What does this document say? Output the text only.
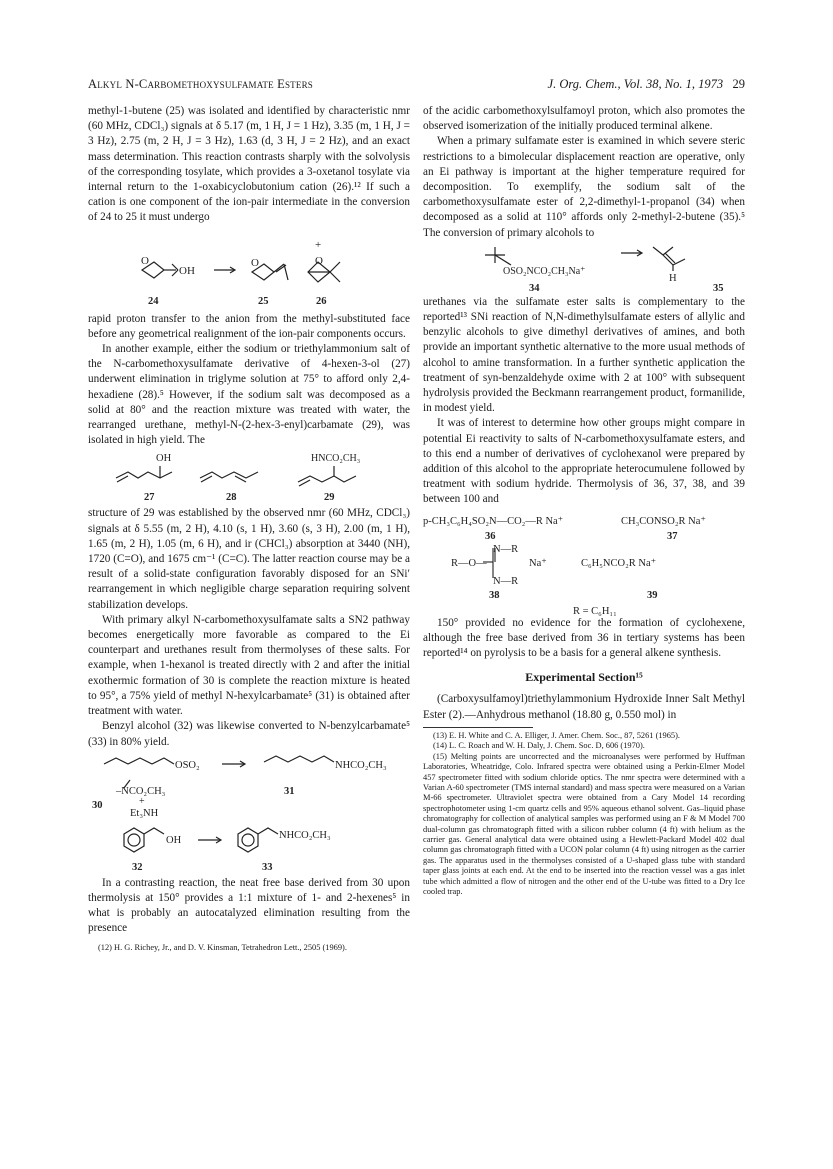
Alkyl N-Carbomethoxysulfamate Esters	J. Org. Chem., Vol. 38, No. 1, 1973 29

methyl-1-butene (25) was isolated and identified by characteristic nmr (60 MHz, CDCl₃) signals at δ 5.17 (m, 1 H, J = 1 Hz), 3.35 (m, 1 H, J = 3 Hz), 2.75 (m, 2 H, J = 3 Hz), 1.63 (d, 3 H, J = 2 Hz), and an exact mass determination. This reaction contrasts sharply with the solvolysis of the corresponding tosylate, which provides a 3-oxetanol tosylate via internal return to the 1-oxabicyclobutonium cation (26).¹² If such a cation is one component of the ion-pair intermediate in the conversion of 24 to 25 it must undergo

O
OH
O	O
+
24	25	26

rapid proton transfer to the anion from the methyl-substituted face before any geometrical realignment of the ion-pair components occurs.

In another example, either the sodium or triethylammonium salt of the N-carbomethoxysulfamate derivative of 4-hexen-3-ol (27) underwent elimination in triglyme solution at 75° to afford only 2,4-hexadiene (28).⁵ However, if the sodium salt was decomposed as a solid at 80° and the reaction mixture was treated with water, the rearranged urethane, methyl-N-(2-hex-3-enyl)carbamate (29), was isolated in high yield. The

OH	HNCO₂CH₃
27	28	29

structure of 29 was established by the observed nmr (60 MHz, CDCl₃) signals at δ 5.55 (m, 2 H), 4.10 (s, 1 H), 3.60 (s, 3 H), 2.00 (m, 1 H), 1.65 (m, 2 H), 1.05 (m, 6 H), and ir (CHCl₃) absorption at 3440 (NH), 1720 (C=O), and 1675 cm⁻¹ (C=C). The latter reaction course may be a result of a solid-state configuration favorably disposed for an SNi′ rearrangement in which negligible charge separation requiring solvent stabilization develops.

With primary alkyl N-carbomethoxysulfamate salts a SN2 pathway becomes energetically more favorable as compared to the Ei counterpart and urethanes result from thermolyses of these salts. For example, when 1-hexanol is treated directly with 2 and after the initial exothermic formation of 30 is complete the reaction mixture is heated to 95°, a 75% yield of methyl N-hexylcarbamate⁵ (31) is obtained after treatment with water.

Benzyl alcohol (32) was likewise converted to N-benzylcarbamate⁵ (33) in 80% yield.

OSO₂
–NCO₂CH₃
+
Et₃NH
NHCO₂CH₃
30
31
OH	NHCO₂CH₃
32	33

In a contrasting reaction, the neat free base derived from 30 upon thermolysis at 150° provides a 1:1 mixture of 1- and 2-hexenes⁵ in what is probably an autocatalyzed elimination resulting from the presence

(12) H. G. Richey, Jr., and D. V. Kinsman, Tetrahedron Lett., 2505 (1969).

of the acidic carbomethoxylsulfamoyl proton, which also promotes the observed isomerization of the initially produced terminal alkene.

When a primary sulfamate ester is examined in which severe steric restrictions to a bimolecular displacement reaction are operative, only an Ei pathway is important at the higher temperature required for decomposition. To exemplify, the sodium salt of the carbomethoxysulfamate ester of 2,2-dimethyl-1-propanol (34) when decomposed as a solid at 110° affords only 2-methyl-2-butene (35).⁵ The conversion of primary alcohols to

OSO₂NCO₂CH₃Na⁺
H
34	35

urethanes via the sulfamate ester salts is complementary to the reported¹³ SNi reaction of N,N-dimethylsulfamate esters of allylic and benzylic alcohols to give dimethyl derivatives of amines, and both provide an important synthetic alternative to the more usual methods of alcohol to amine transformation. In a further synthetic application the treatment of syn-benzaldehyde oxime with 2 at 100° with subsequent hydrolysis provided the Beckmann rearrangement product, formanilide, in modest yield.

It was of interest to determine how other groups might compare in potential Ei reactivity to salts of N-carbomethoxysulfamate esters, and to this end a number of derivatives of cyclohexanol were prepared by addition of this alcohol to the appropriate heterocumulene followed by treatment with sodium hydride. Thermolysis of 36, 37, 38, and 39 between 100 and

p-CH₃C₆H₄SO₂N—CO₂—R Na⁺	CH₃CONSO₂R Na⁺
36	37
N—R
R—O—	Na⁺	C₆H₅NCO₂R Na⁺
N—R
38	39
R = C₆H₁₁

150° provided no evidence for the formation of cyclohexene, although the free base derived from 36 in tertiary systems has been reported¹⁴ on pyrolysis to be a basis for a general alkene synthesis.

Experimental Section¹⁵

(Carboxysulfamoyl)triethylammonium Hydroxide Inner Salt Methyl Ester (2).—Anhydrous methanol (18.80 g, 0.550 mol) in

(13) E. H. White and C. A. Elliger, J. Amer. Chem. Soc., 87, 5261 (1965).

(14) L. C. Roach and W. H. Daly, J. Chem. Soc. D, 606 (1970).

(15) Melting points are uncorrected and the microanalyses were performed by Huffman Laboratories, Wheatridge, Colo. Infrared spectra were obtained using a Perkin-Elmer Model 457 spectrometer fitted with sodium chloride optics. The nmr spectra were determined with a Varian A-60 spectrometer (TMS internal standard) and mass spectra were measured on a Varian M-66 spectrometer. Ultraviolet spectra were obtained from a Cary Model 14 recording spectrophotometer using 1-cm quartz cells and 95% aqueous ethanol solvent. Gas–liquid phase chromatography for collection of analytical samples was performed using an F & M Model 700 dual-column gas chromatograph fitted with a silicon rubber column (4 ft) with helium as the carrier gas. General analytical data were obtained using a Hewlett-Packard Model 402 dual column gas chromatograph fitted with a UCON polar column (4 ft) using nitrogen as the carrier gas. The apparatus used in the thermolyses consisted of a U-shaped glass tube with standard taper glass joints at each end. At the end to be inserted into the reaction vessel was a gas inlet tube which admitted a flow of nitrogen and the other end of the U-tube was fitted to a Dry Ice cooled trap.
